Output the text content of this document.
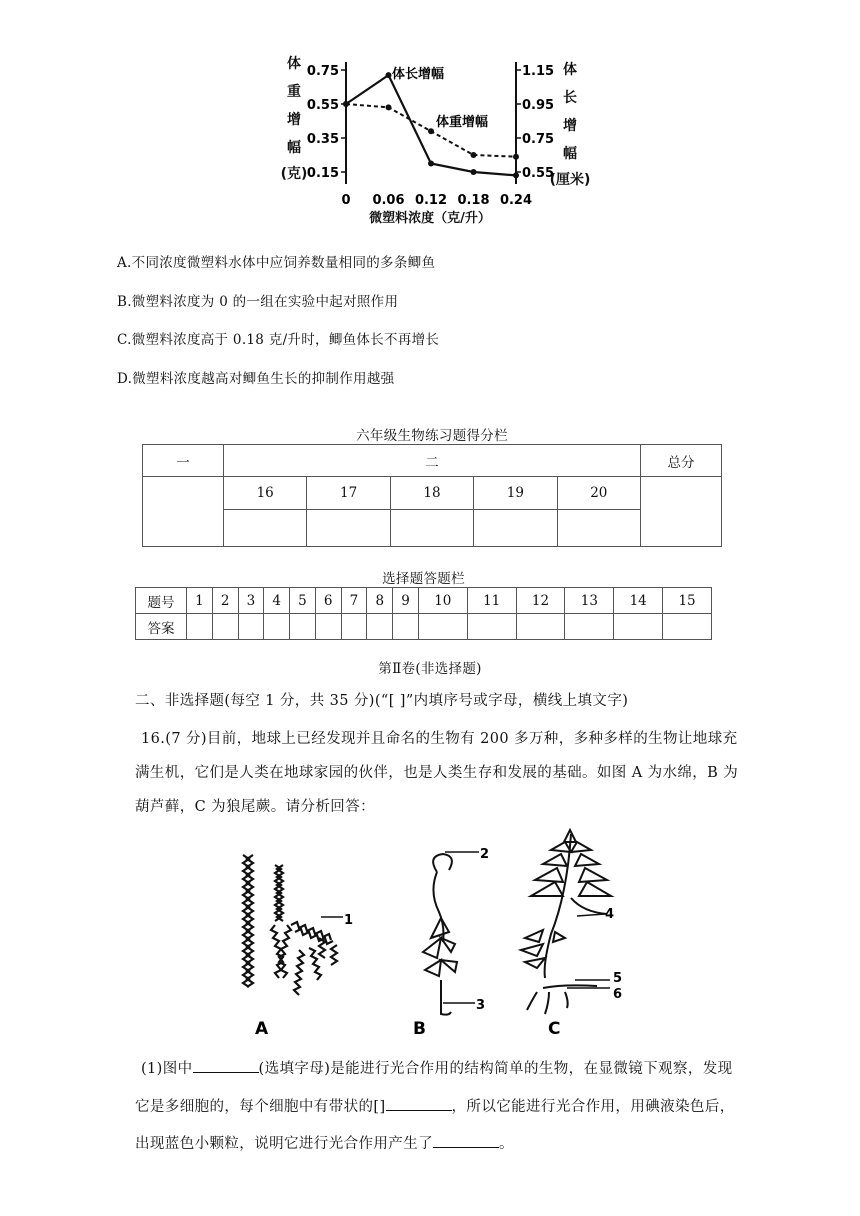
体
重
增
幅
(克)
体
长
增
幅
(厘米)
0.75
0.55
0.35
0.15
1.15
0.95
0.75
0.55
0 0.06 0.12 0.18 0.24
体长增幅
体重增幅
微塑料浓度（克/升）
A.不同浓度微塑料水体中应饲养数量相同的多条鲫鱼
B.微塑料浓度为 0 的一组在实验中起对照作用
C.微塑料浓度高于 0.18 克/升时，鲫鱼体长不再增长
D.微塑料浓度越高对鲫鱼生长的抑制作用越强
六年级生物练习题得分栏
一	二					总分
	16	17	18	19	20	

选择题答题栏
题号	1	2	3	4	5	6	7	8	9	10	11	12	13	14	15
答案															
第Ⅱ卷(非选择题)
二、非选择题(每空 1 分，共 35 分)(“[ ]”内填序号或字母，横线上填文字)
16.(7 分)目前，地球上已经发现并且命名的生物有 200 多万种，多种多样的生物让地球充
满生机，它们是人类在地球家园的伙伴，也是人类生存和发展的基础。如图 A 为水绵，B 为
葫芦藓，C 为狼尾蕨。请分析回答：
1
2
3
4
5
6
A	B	C
(1)图中	(选填字母)是能进行光合作用的结构简单的生物，在显微镜下观察，发现
它是多细胞的，每个细胞中有带状的[]	，所以它能进行光合作用，用碘液染色后，
出现蓝色小颗粒，说明它进行光合作用产生了	。
